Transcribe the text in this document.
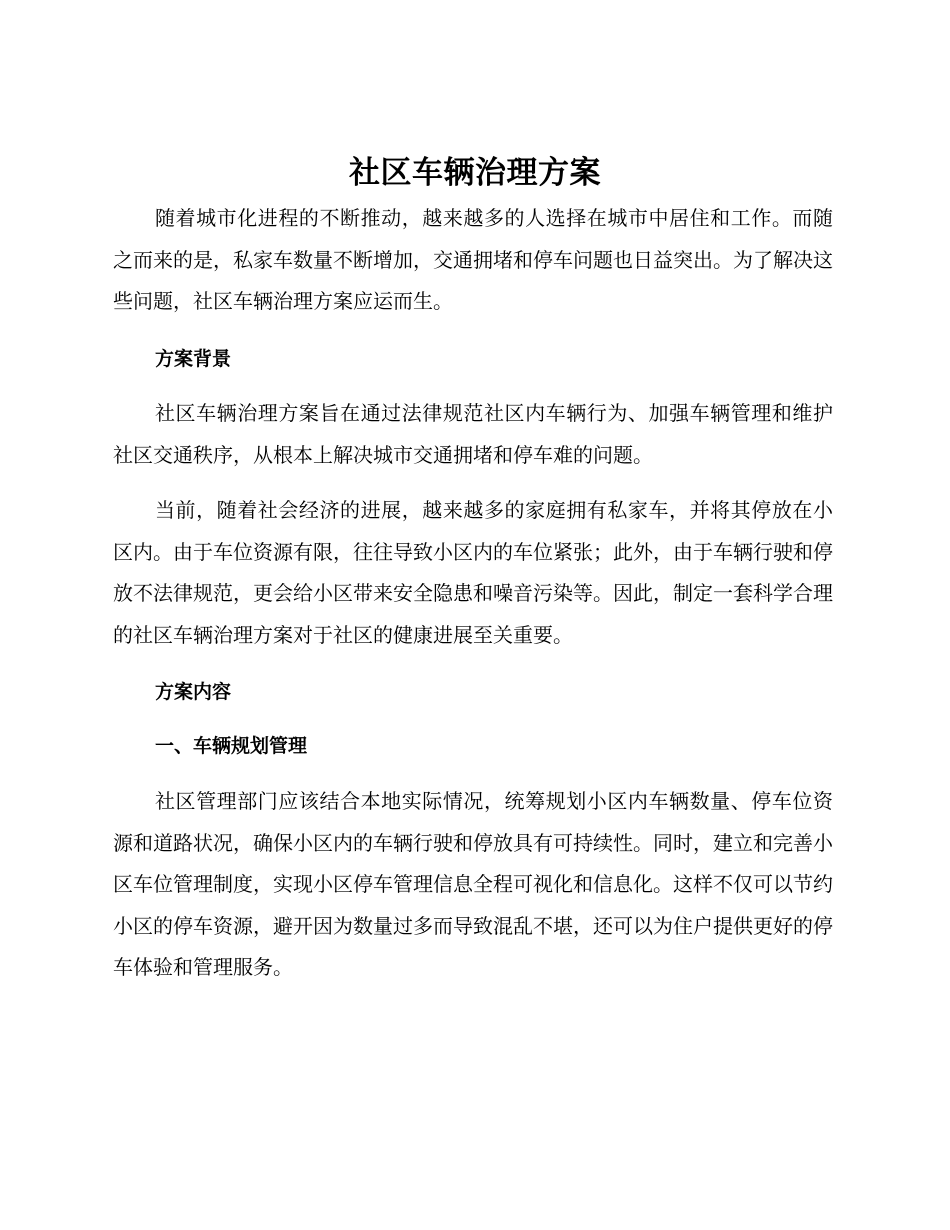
社区车辆治理方案

随着城市化进程的不断推动，越来越多的人选择在城市中居住和工作。而随之而来的是，私家车数量不断增加，交通拥堵和停车问题也日益突出。为了解决这些问题，社区车辆治理方案应运而生。

方案背景

社区车辆治理方案旨在通过法律规范社区内车辆行为、加强车辆管理和维护社区交通秩序，从根本上解决城市交通拥堵和停车难的问题。

当前，随着社会经济的进展，越来越多的家庭拥有私家车，并将其停放在小区内。由于车位资源有限，往往导致小区内的车位紧张；此外，由于车辆行驶和停放不法律规范，更会给小区带来安全隐患和噪音污染等。因此，制定一套科学合理的社区车辆治理方案对于社区的健康进展至关重要。

方案内容
一、车辆规划管理

社区管理部门应该结合本地实际情况，统筹规划小区内车辆数量、停车位资源和道路状况，确保小区内的车辆行驶和停放具有可持续性。同时，建立和完善小区车位管理制度，实现小区停车管理信息全程可视化和信息化。这样不仅可以节约小区的停车资源，避开因为数量过多而导致混乱不堪，还可以为住户提供更好的停车体验和管理服务。
